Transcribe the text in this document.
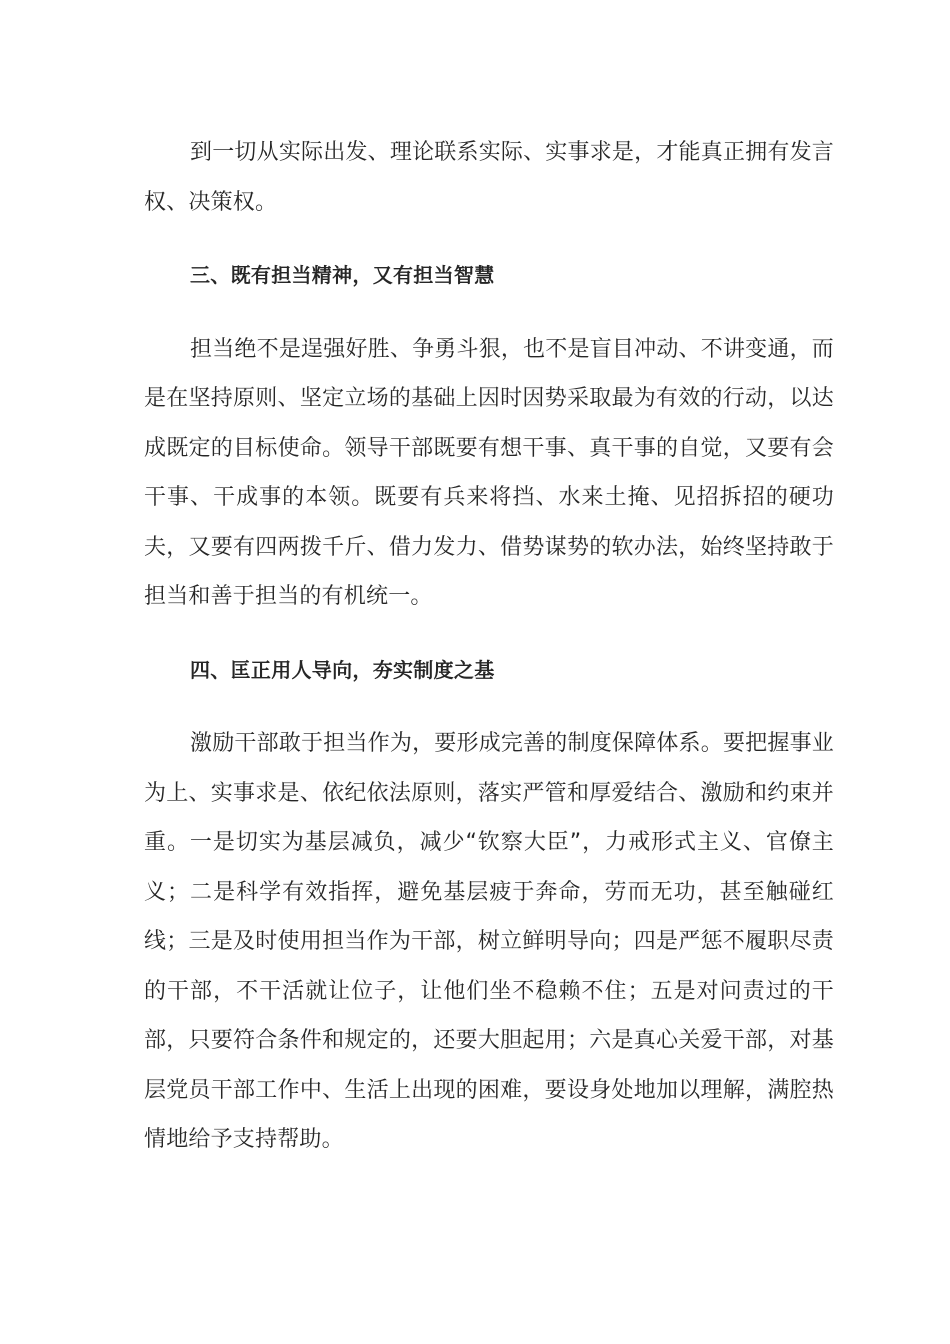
到一切从实际出发、理论联系实际、实事求是，才能真正拥有发言权、决策权。

三、既有担当精神，又有担当智慧

担当绝不是逞强好胜、争勇斗狠，也不是盲目冲动、不讲变通，而是在坚持原则、坚定立场的基础上因时因势采取最为有效的行动，以达成既定的目标使命。领导干部既要有想干事、真干事的自觉，又要有会干事、干成事的本领。既要有兵来将挡、水来土掩、见招拆招的硬功夫，又要有四两拨千斤、借力发力、借势谋势的软办法，始终坚持敢于担当和善于担当的有机统一。

四、匡正用人导向，夯实制度之基

激励干部敢于担当作为，要形成完善的制度保障体系。要把握事业为上、实事求是、依纪依法原则，落实严管和厚爱结合、激励和约束并重。一是切实为基层减负，减少“钦察大臣”，力戒形式主义、官僚主义；二是科学有效指挥，避免基层疲于奔命，劳而无功，甚至触碰红线；三是及时使用担当作为干部，树立鲜明导向；四是严惩不履职尽责的干部，不干活就让位子，让他们坐不稳赖不住；五是对问责过的干部，只要符合条件和规定的，还要大胆起用；六是真心关爱干部，对基层党员干部工作中、生活上出现的困难，要设身处地加以理解，满腔热情地给予支持帮助。
